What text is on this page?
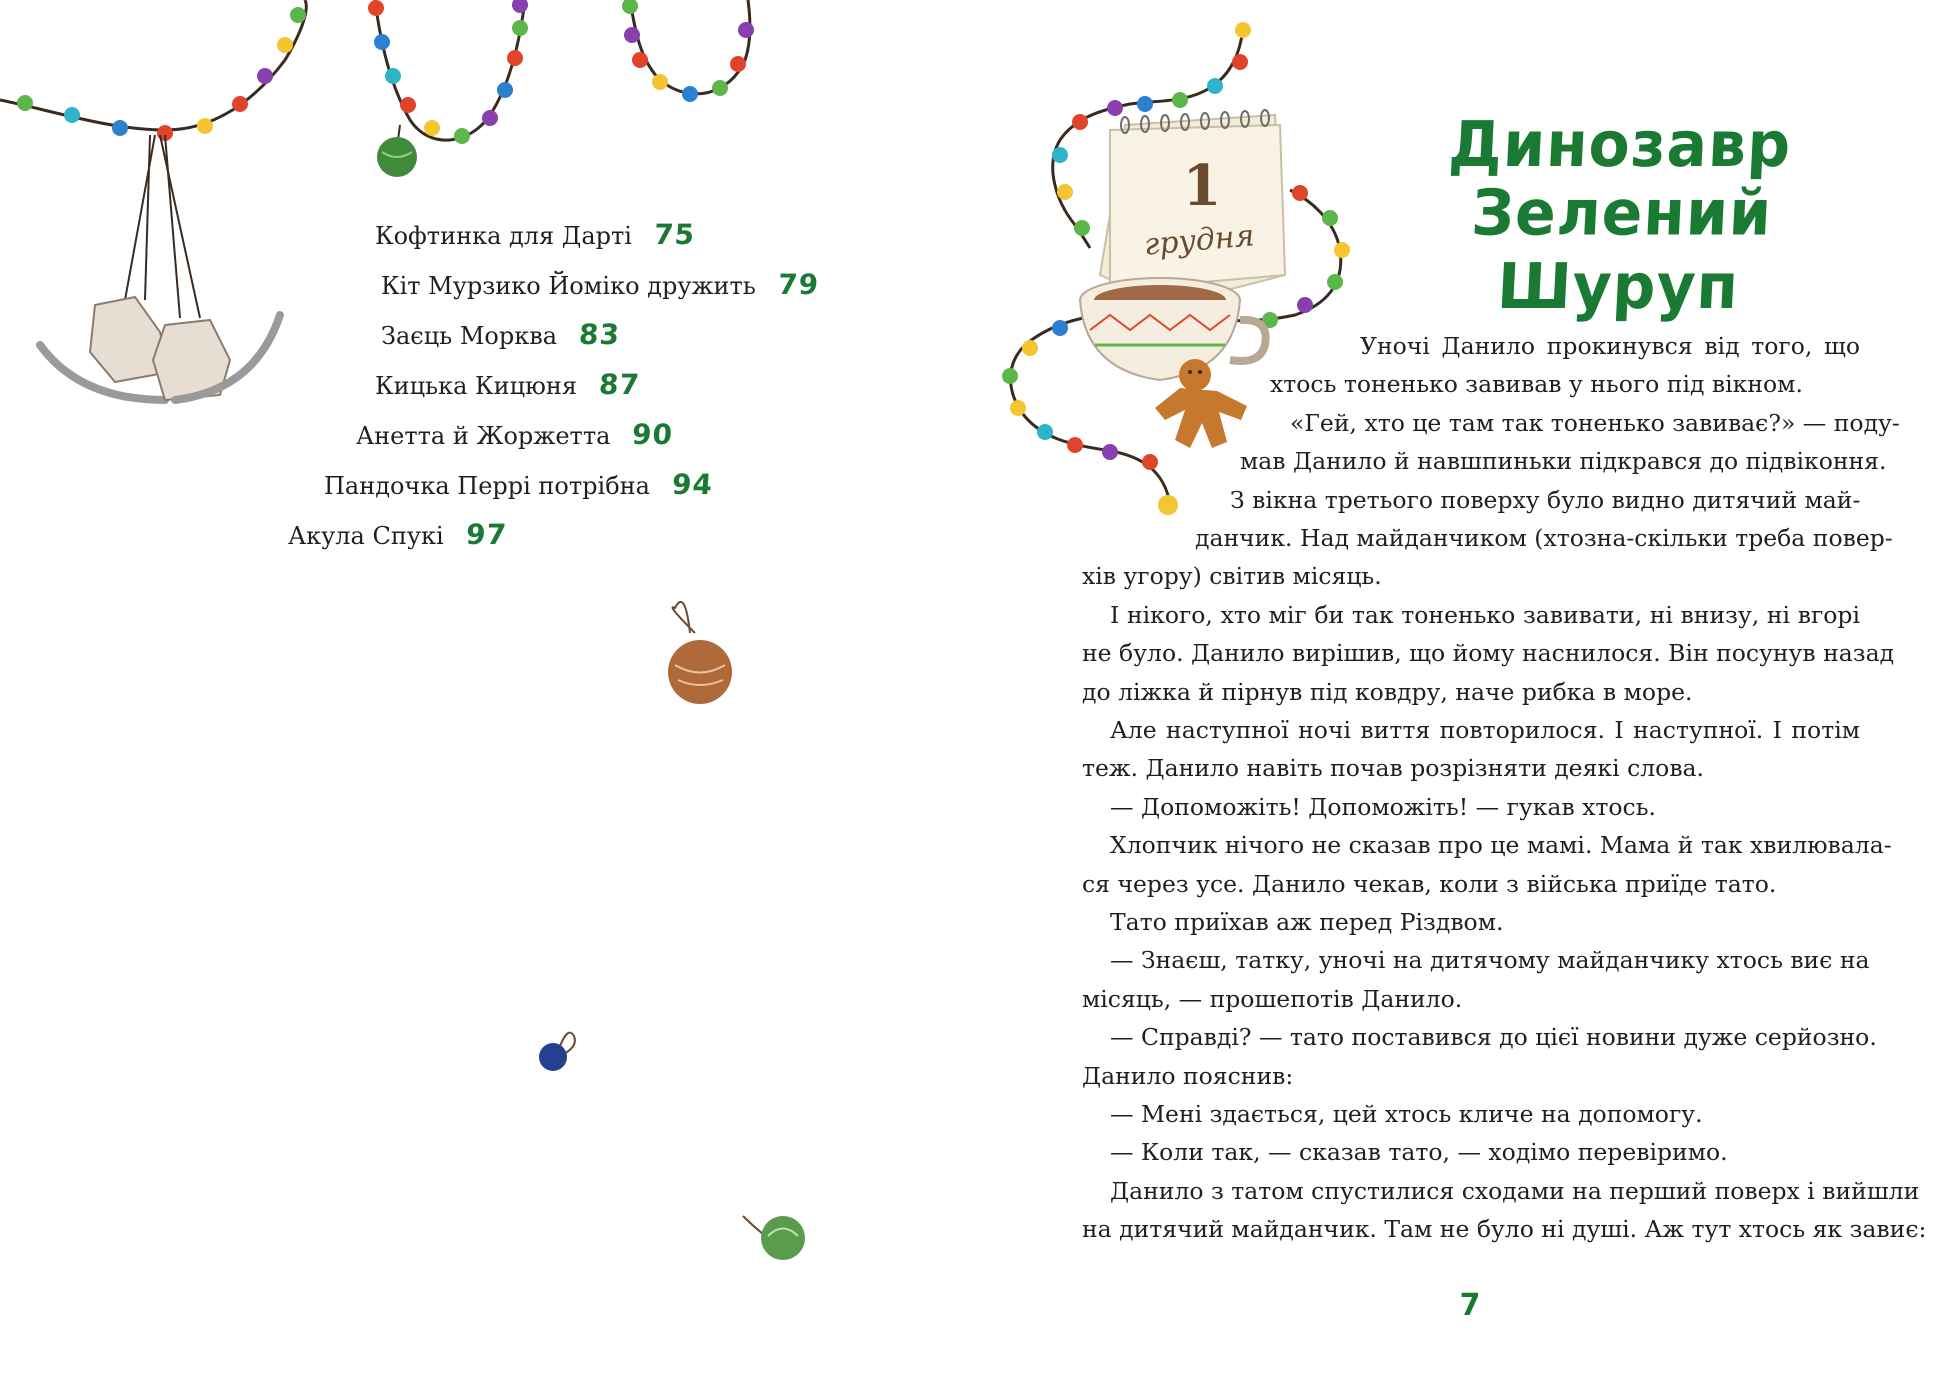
1
грудня
Кофтинка для Дарті 75
Кіт Мурзико Йоміко дружить 79
Заєць Морква 83
Кицька Кицюня 87
Анетта й Жоржетта 90
Пандочка Перрі потрібна 94
Акула Спукі 97
Динозавр
Зелений Шуруп
Уночі Данило прокинувся від того, що
хтось тоненько завивав у нього під вікном.
«Гей, хто це там так тоненько завиває?» — поду-
мав Данило й навшпиньки підкрався до підвіконня.
З вікна третього поверху було видно дитячий май-
данчик. Над майданчиком (хтозна-скільки треба повер-
хів угору) світив місяць.
І нікого, хто міг би так тоненько завивати, ні внизу, ні вгорі
не було. Данило вирішив, що йому наснилося. Він посунув назад
до ліжка й пірнув під ковдру, наче рибка в море.
Але наступної ночі виття повторилося. І наступної. І потім
теж. Данило навіть почав розрізняти деякі слова.
— Допоможіть! Допоможіть! — гукав хтось.
Хлопчик нічого не сказав про це мамі. Мама й так хвилювала-
ся через усе. Данило чекав, коли з війська приїде тато.
Тато приїхав аж перед Різдвом.
— Знаєш, татку, уночі на дитячому майданчику хтось виє на
місяць, — прошепотів Данило.
— Справді? — тато поставився до цієї новини дуже серйозно.
Данило пояснив:
— Мені здається, цей хтось кличе на допомогу.
— Коли так, — сказав тато, — ходімо перевіримо.
Данило з татом спустилися сходами на перший поверх і вийшли
на дитячий майданчик. Там не було ні душі. Аж тут хтось як завиє:
7
